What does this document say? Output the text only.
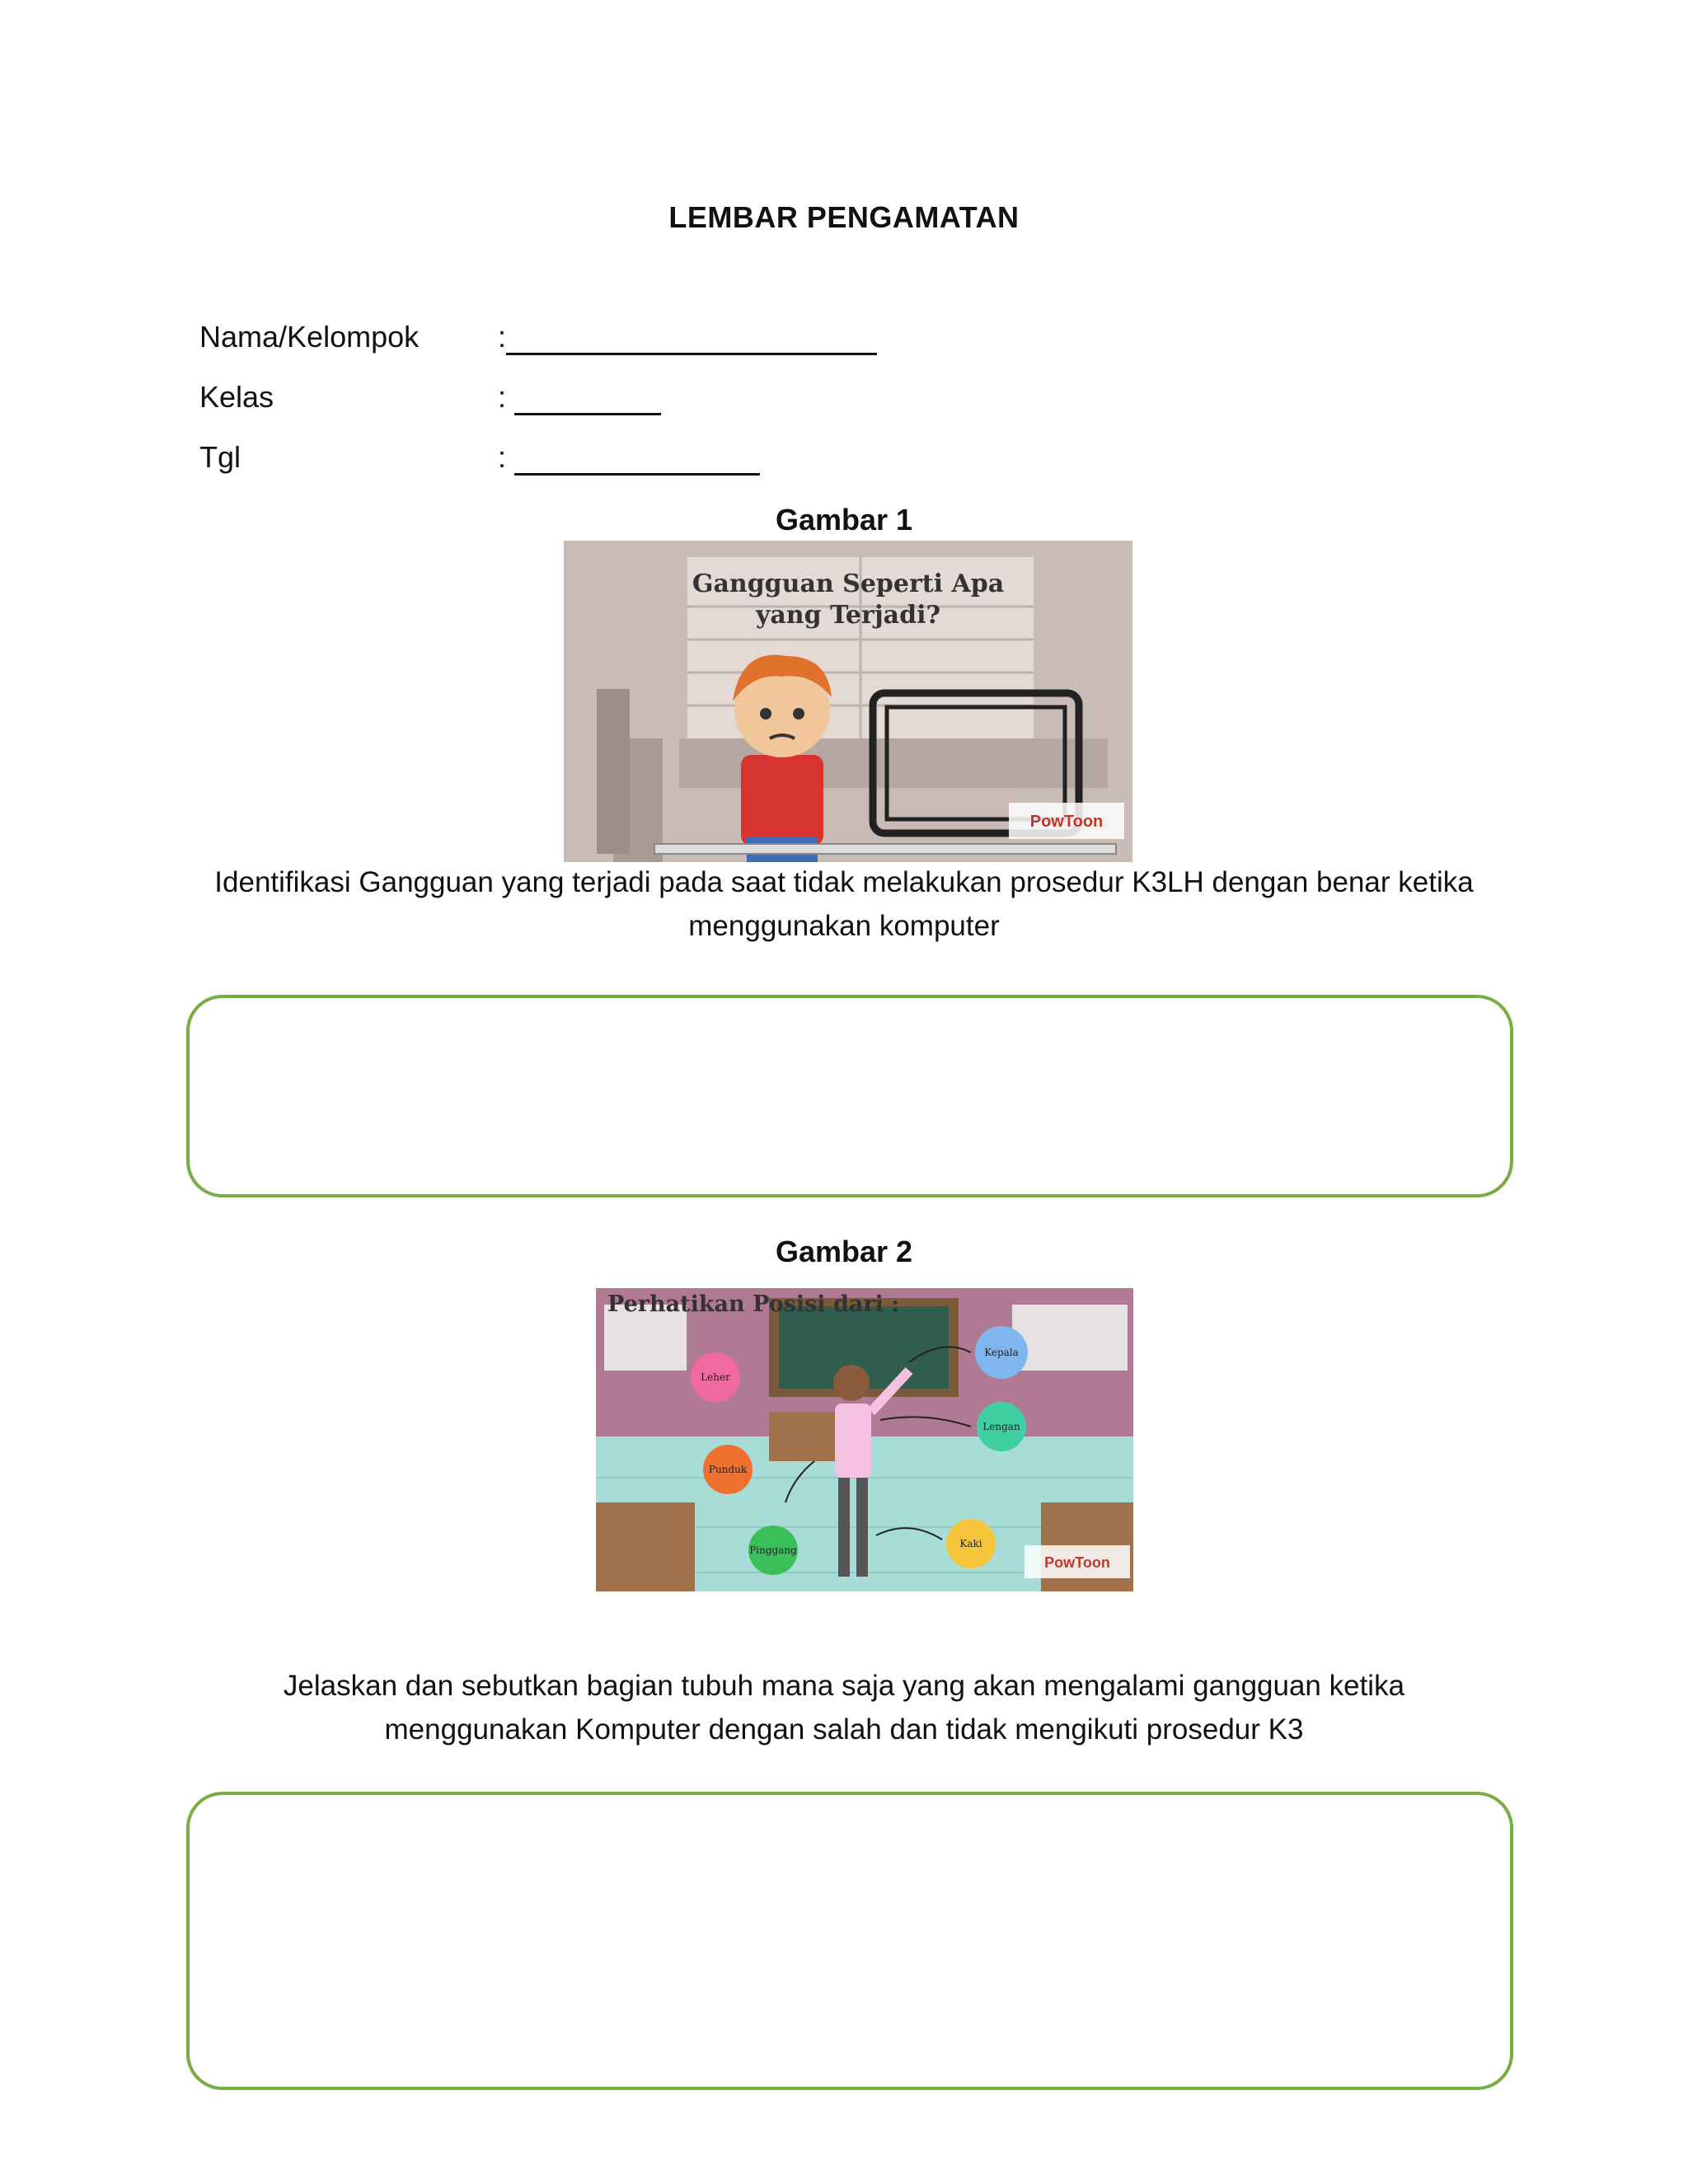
LEMBAR PENGAMATAN
Nama/Kelompok	:
Kelas	:
Tgl	:
Gambar 1
PowToon
Gangguan Seperti Apa
yang Terjadi?
Identifikasi Gangguan yang terjadi pada saat tidak melakukan prosedur K3LH dengan benar ketika menggunakan komputer
Gambar 2
Leher
Kepala
Lengan
Punduk
Pinggang
Kaki
PowToon
Perhatikan Posisi dari :
Jelaskan dan sebutkan bagian tubuh mana saja yang akan mengalami gangguan ketika menggunakan Komputer dengan salah dan tidak mengikuti prosedur K3
